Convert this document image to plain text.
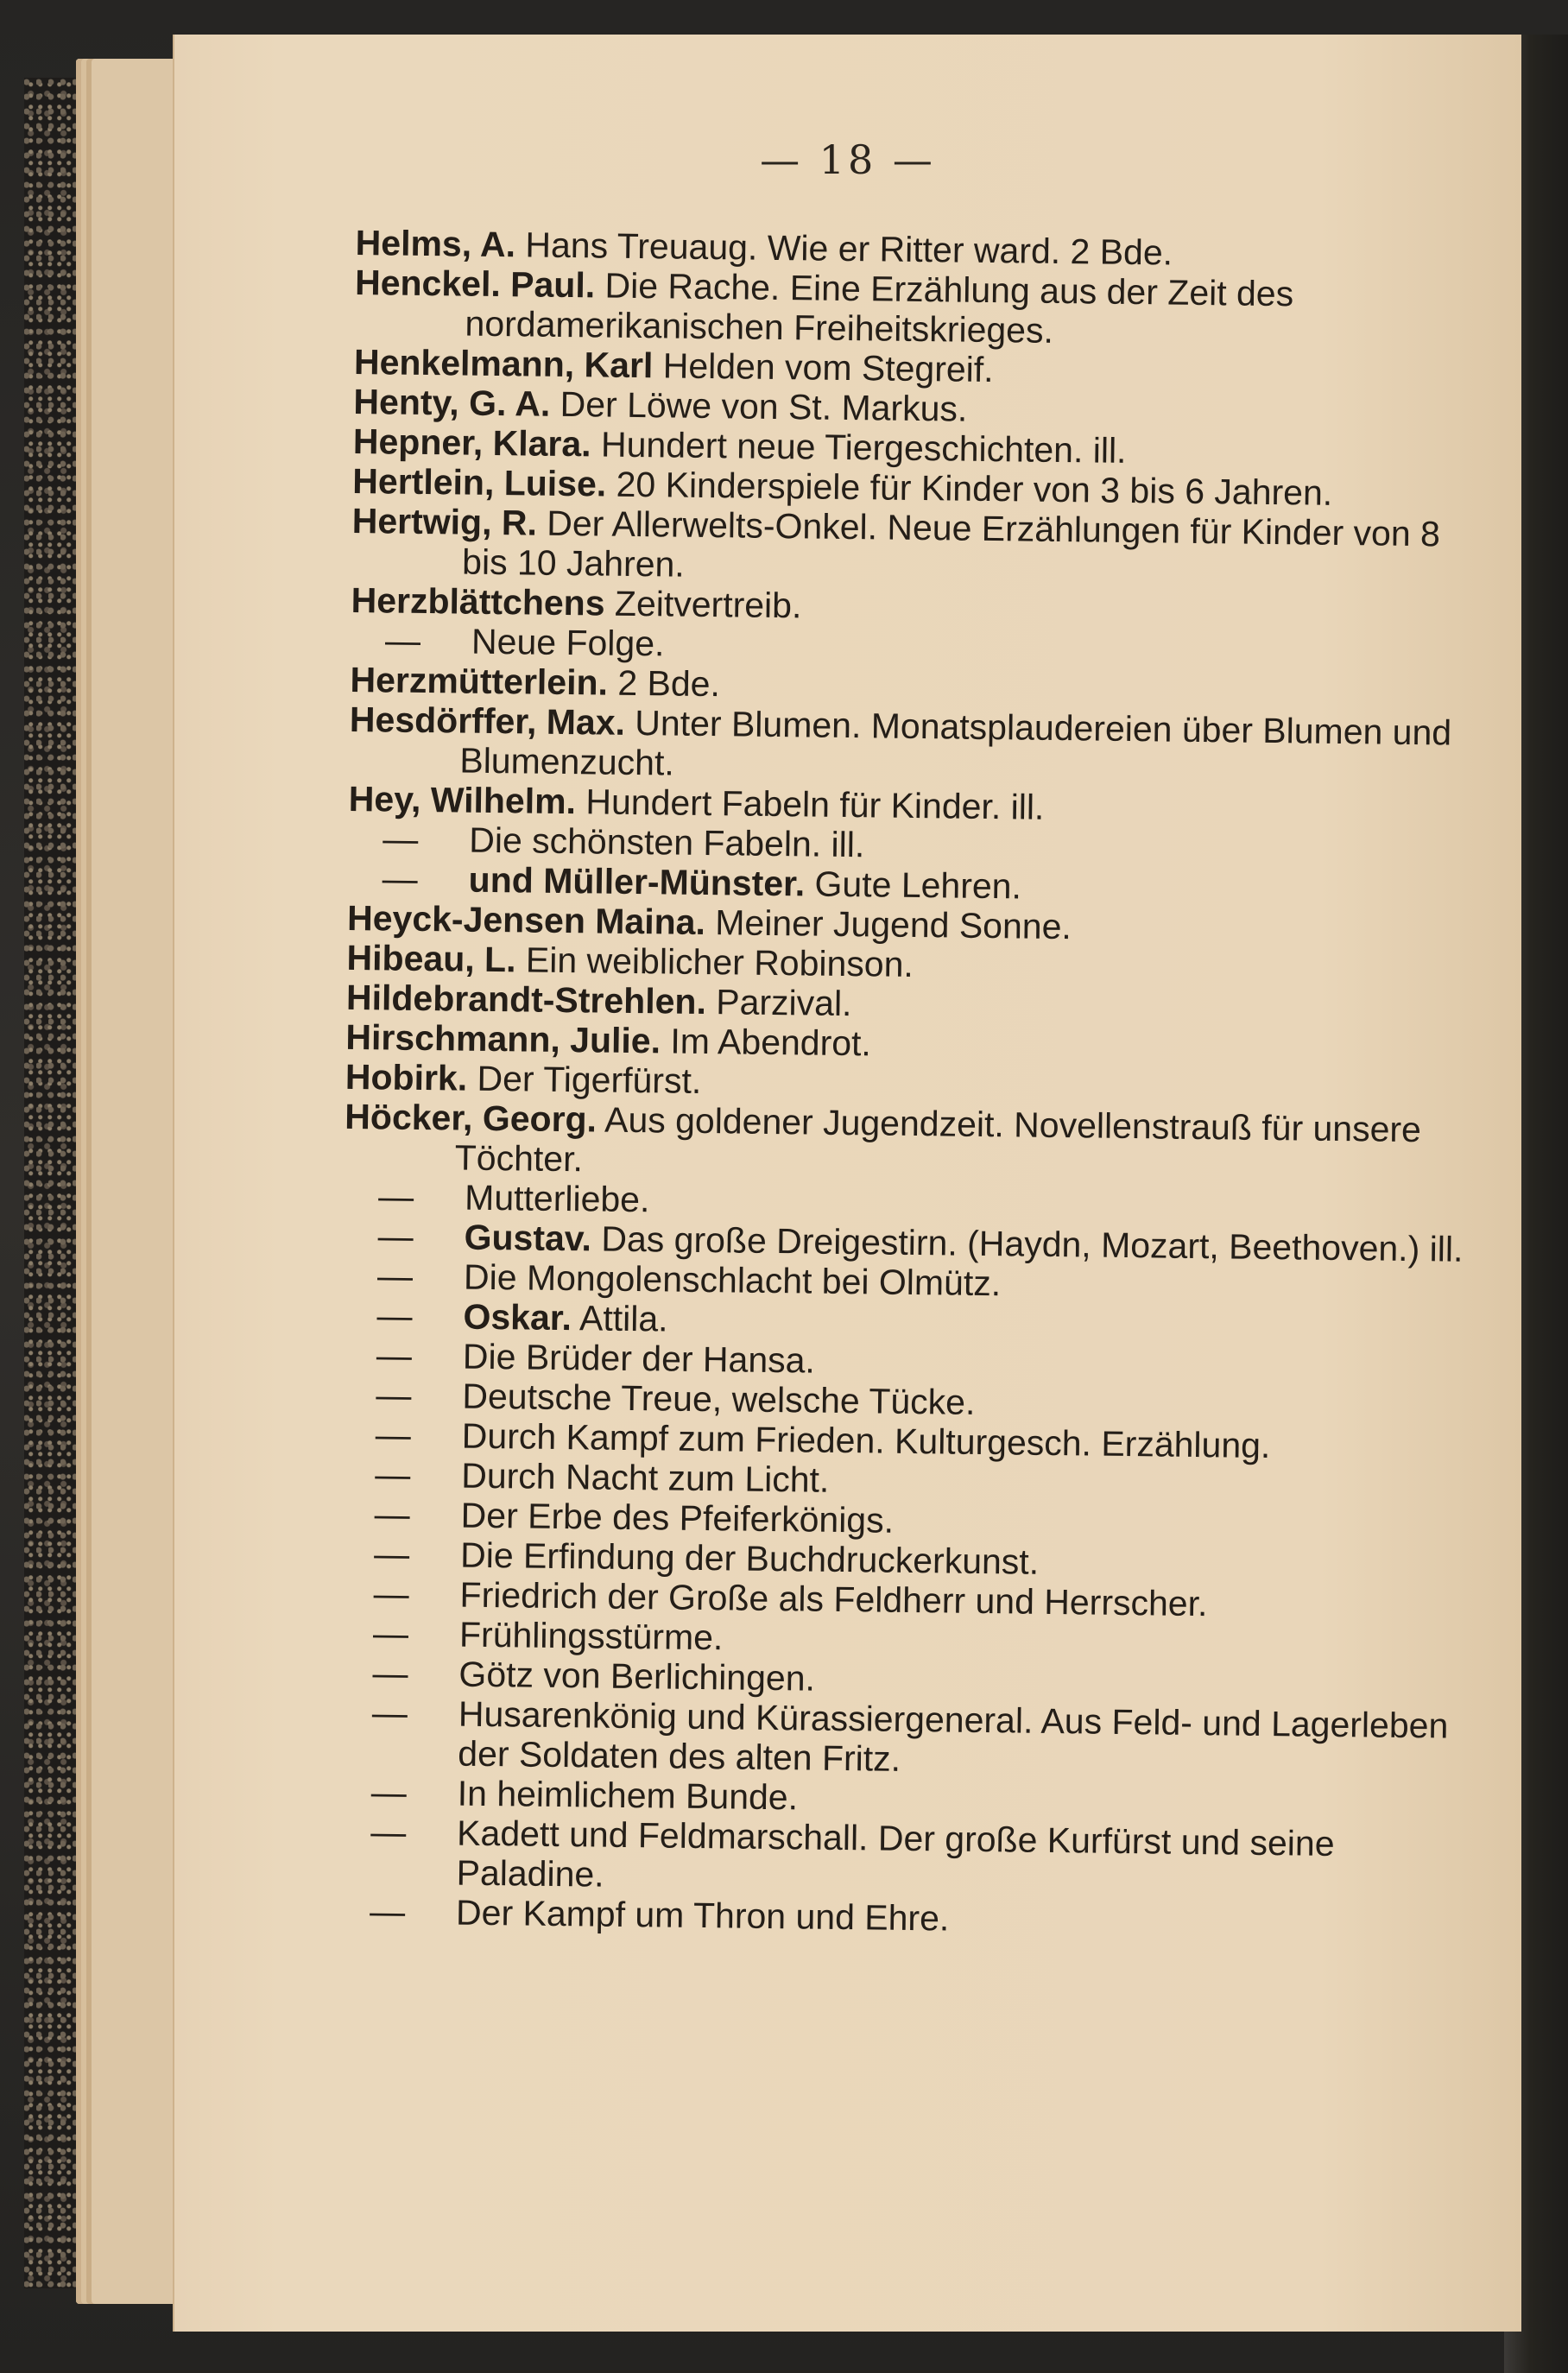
— 18 —

Helms, A. Hans Treuaug. Wie er Ritter ward. 2 Bde.

Henckel. Paul. Die Rache. Eine Erzählung aus der Zeit des nordamerikanischen Freiheitskrieges.

Henkelmann, Karl Helden vom Stegreif.

Henty, G. A. Der Löwe von St. Markus.

Hepner, Klara. Hundert neue Tiergeschichten. ill.

Hertlein, Luise. 20 Kinderspiele für Kinder von 3 bis 6 Jahren.

Hertwig, R. Der Allerwelts-Onkel. Neue Erzählungen für Kinder von 8 bis 10 Jahren.

Herzblättchens Zeitvertreib.

— Neue Folge.

Herzmütterlein. 2 Bde.

Hesdörffer, Max. Unter Blumen. Monatsplaudereien über Blumen und Blumenzucht.

Hey, Wilhelm. Hundert Fabeln für Kinder. ill.

— Die schönsten Fabeln. ill.

— und Müller-Münster. Gute Lehren.

Heyck-Jensen Maina. Meiner Jugend Sonne.

Hibeau, L. Ein weiblicher Robinson.

Hildebrandt-Strehlen. Parzival.

Hirschmann, Julie. Im Abendrot.

Hobirk. Der Tigerfürst.

Höcker, Georg. Aus goldener Jugendzeit. Novellenstrauß für unsere Töchter.

— Mutterliebe.

— Gustav. Das große Dreigestirn. (Haydn, Mozart, Beethoven.) ill.

— Die Mongolenschlacht bei Olmütz.

— Oskar. Attila.

— Die Brüder der Hansa.

— Deutsche Treue, welsche Tücke.

— Durch Kampf zum Frieden. Kulturgesch. Erzählung.

— Durch Nacht zum Licht.

— Der Erbe des Pfeiferkönigs.

— Die Erfindung der Buchdruckerkunst.

— Friedrich der Große als Feldherr und Herrscher.

— Frühlingsstürme.

— Götz von Berlichingen.

— Husarenkönig und Kürassiergeneral. Aus Feld- und Lagerleben der Soldaten des alten Fritz.

— In heimlichem Bunde.

— Kadett und Feldmarschall. Der große Kurfürst und seine Paladine.

— Der Kampf um Thron und Ehre.
